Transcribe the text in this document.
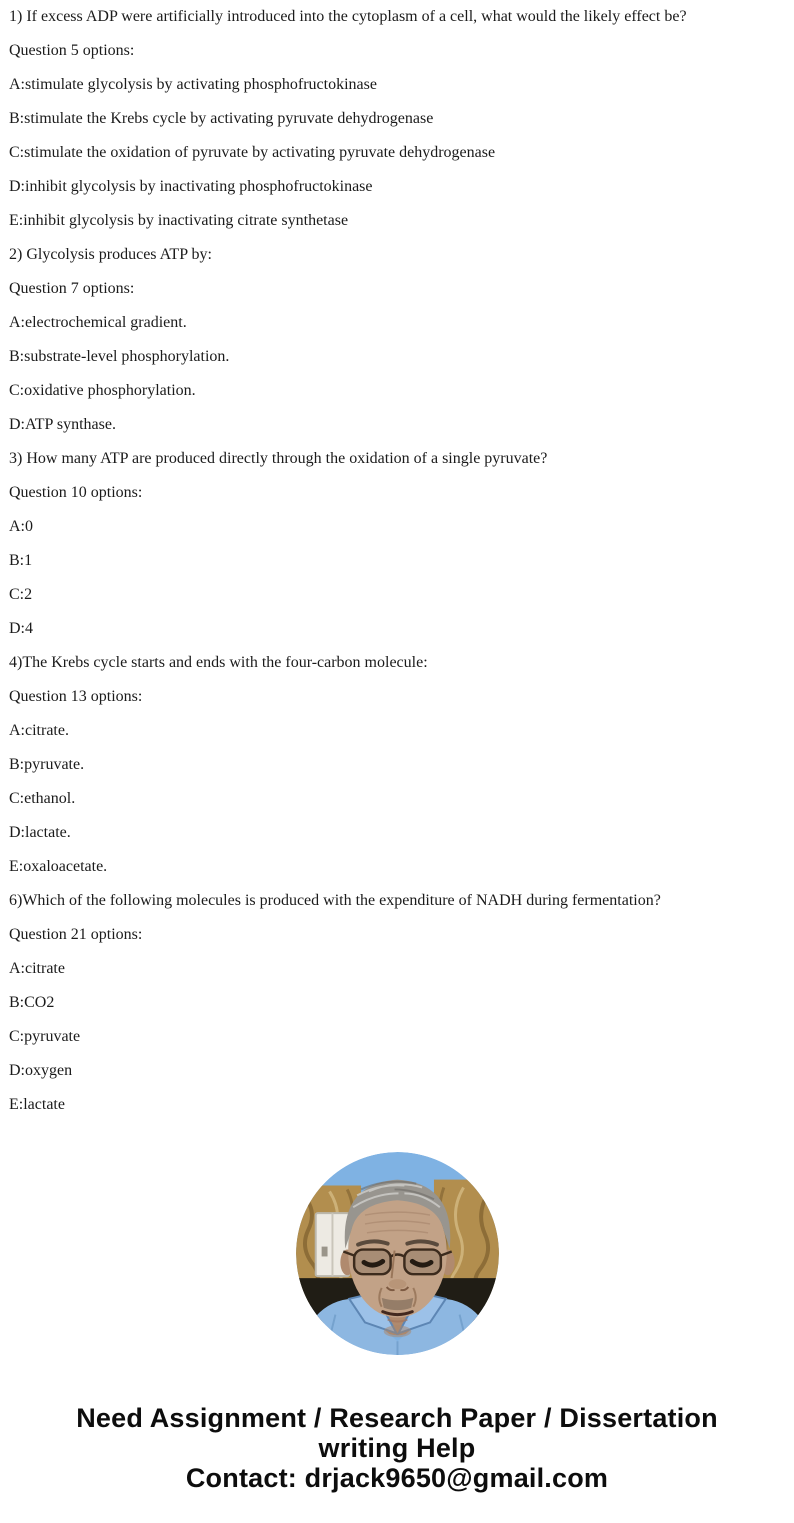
1) If excess ADP were artificially introduced into the cytoplasm of a cell, what would the likely effect be?

Question 5 options:

A:stimulate glycolysis by activating phosphofructokinase

B:stimulate the Krebs cycle by activating pyruvate dehydrogenase

C:stimulate the oxidation of pyruvate by activating pyruvate dehydrogenase

D:inhibit glycolysis by inactivating phosphofructokinase

E:inhibit glycolysis by inactivating citrate synthetase

2) Glycolysis produces ATP by:

Question 7 options:

A:electrochemical gradient.

B:substrate-level phosphorylation.

C:oxidative phosphorylation.

D:ATP synthase.

3) How many ATP are produced directly through the oxidation of a single pyruvate?

Question 10 options:

A:0

B:1

C:2

D:4

4)The Krebs cycle starts and ends with the four-carbon molecule:

Question 13 options:

A:citrate.

B:pyruvate.

C:ethanol.

D:lactate.

E:oxaloacetate.

6)Which of the following molecules is produced with the expenditure of NADH during fermentation?

Question 21 options:

A:citrate

B:CO2

C:pyruvate

D:oxygen

E:lactate

Need Assignment / Research Paper / Dissertation
writing Help
Contact: drjack9650@gmail.com
